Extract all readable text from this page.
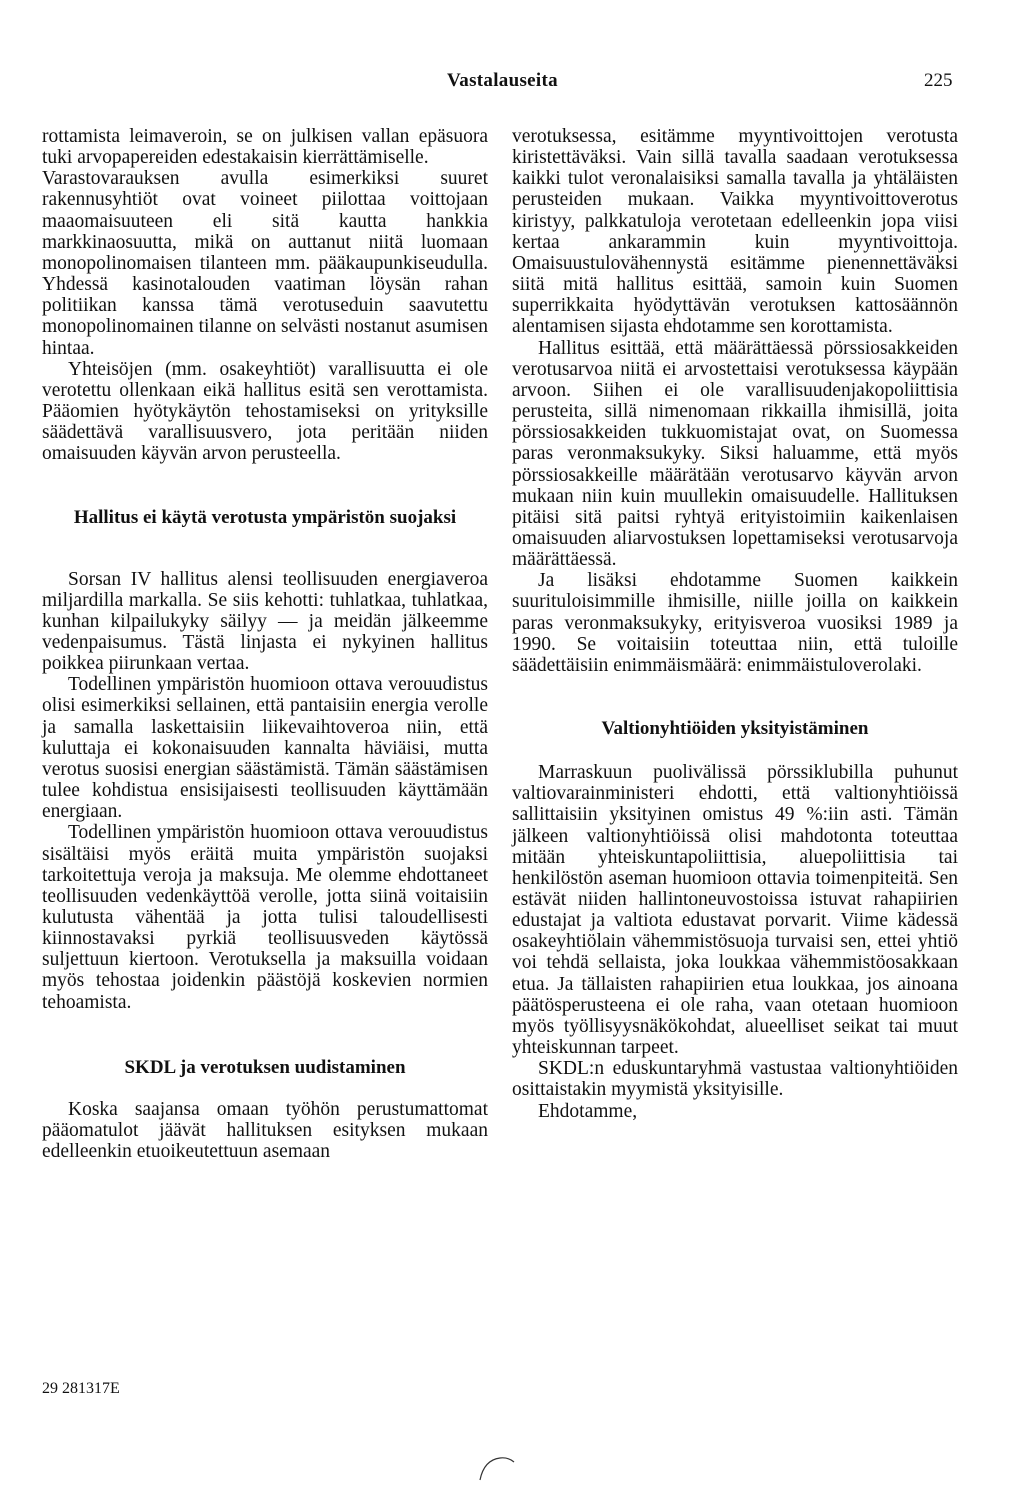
Vastalauseita	225

rottamista leimaveroin, se on julkisen vallan epäsuora tuki arvopapereiden edestakaisin kierrättämiselle.

Varastovarauksen avulla esimerkiksi suuret rakennusyhtiöt ovat voineet piilottaa voittojaan maaomaisuuteen eli sitä kautta hankkia markkinaosuutta, mikä on auttanut niitä luomaan monopolinomaisen tilanteen mm. pääkaupunkiseudulla. Yhdessä kasinotalouden vaatiman löysän rahan politiikan kanssa tämä verotuseduin saavutettu monopolinomainen tilanne on selvästi nostanut asumisen hintaa.

Yhteisöjen (mm. osakeyhtiöt) varallisuutta ei ole verotettu ollenkaan eikä hallitus esitä sen verottamista. Pääomien hyötykäytön tehostamiseksi on yrityksille säädettävä varallisuusvero, jota peritään niiden omaisuuden käyvän arvon perusteella.

Hallitus ei käytä verotusta ympäristön suojaksi

Sorsan IV hallitus alensi teollisuuden energiaveroa miljardilla markalla. Se siis kehotti: tuhlatkaa, tuhlatkaa, kunhan kilpailukyky säilyy — ja meidän jälkeemme vedenpaisumus. Tästä linjasta ei nykyinen hallitus poikkea piirunkaan vertaa.

Todellinen ympäristön huomioon ottava verouudistus olisi esimerkiksi sellainen, että pantaisiin energia verolle ja samalla laskettaisiin liikevaihtoveroa niin, että kuluttaja ei kokonaisuuden kannalta häviäisi, mutta verotus suosisi energian säästämistä. Tämän säästämisen tulee kohdistua ensisijaisesti teollisuuden käyttämään energiaan.

Todellinen ympäristön huomioon ottava verouudistus sisältäisi myös eräitä muita ympäristön suojaksi tarkoitettuja veroja ja maksuja. Me olemme ehdottaneet teollisuuden vedenkäyttöä verolle, jotta siinä voitaisiin kulutusta vähentää ja jotta tulisi taloudellisesti kiinnostavaksi pyrkiä teollisuusveden käytössä suljettuun kiertoon. Verotuksella ja maksuilla voidaan myös tehostaa joidenkin päästöjä koskevien normien tehoamista.

SKDL ja verotuksen uudistaminen

Koska saajansa omaan työhön perustumattomat pääomatulot jäävät hallituksen esityksen mukaan edelleenkin etuoikeutettuun asemaan

verotuksessa, esitämme myyntivoittojen verotusta kiristettäväksi. Vain sillä tavalla saadaan verotuksessa kaikki tulot veronalaisiksi samalla tavalla ja yhtäläisten perusteiden mukaan. Vaikka myyntivoittoverotus kiristyy, palkkatuloja verotetaan edelleenkin jopa viisi kertaa ankarammin kuin myyntivoittoja. Omaisuustulovähennystä esitämme pienennettäväksi siitä mitä hallitus esittää, samoin kuin Suomen superrikkaita hyödyttävän verotuksen kattosäännön alentamisen sijasta ehdotamme sen korottamista.

Hallitus esittää, että määrättäessä pörssiosakkeiden verotusarvoa niitä ei arvostettaisi verotuksessa käypään arvoon. Siihen ei ole varallisuudenjakopoliittisia perusteita, sillä nimenomaan rikkailla ihmisillä, joita pörssiosakkeiden tukkuomistajat ovat, on Suomessa paras veronmaksukyky. Siksi haluamme, että myös pörssiosakkeille määrätään verotusarvo käyvän arvon mukaan niin kuin muullekin omaisuudelle. Hallituksen pitäisi sitä paitsi ryhtyä erityistoimiin kaikenlaisen omaisuuden aliarvostuksen lopettamiseksi verotusarvoja määrättäessä.

Ja lisäksi ehdotamme Suomen kaikkein suurituloisimmille ihmisille, niille joilla on kaikkein paras veronmaksukyky, erityisveroa vuosiksi 1989 ja 1990. Se voitaisiin toteuttaa niin, että tuloille säädettäisiin enimmäismäärä: enimmäistuloverolaki.

Valtionyhtiöiden yksityistäminen

Marraskuun puolivälissä pörssiklubilla puhunut valtiovarainministeri ehdotti, että valtionyhtiöissä sallittaisiin yksityinen omistus 49 %:iin asti. Tämän jälkeen valtionyhtiöissä olisi mahdotonta toteuttaa mitään yhteiskuntapoliittisia, aluepoliittisia tai henkilöstön aseman huomioon ottavia toimenpiteitä. Sen estävät niiden hallintoneuvostoissa istuvat rahapiirien edustajat ja valtiota edustavat porvarit. Viime kädessä osakeyhtiölain vähemmistösuoja turvaisi sen, ettei yhtiö voi tehdä sellaista, joka loukkaa vähemmistöosakkaan etua. Ja tällaisten rahapiirien etua loukkaa, jos ainoana päätösperusteena ei ole raha, vaan otetaan huomioon myös työllisyysnäkökohdat, alueelliset seikat tai muut yhteiskunnan tarpeet.

SKDL:n eduskuntaryhmä vastustaa valtionyhtiöiden osittaistakin myymistä yksityisille.

Ehdotamme,

29 281317E
